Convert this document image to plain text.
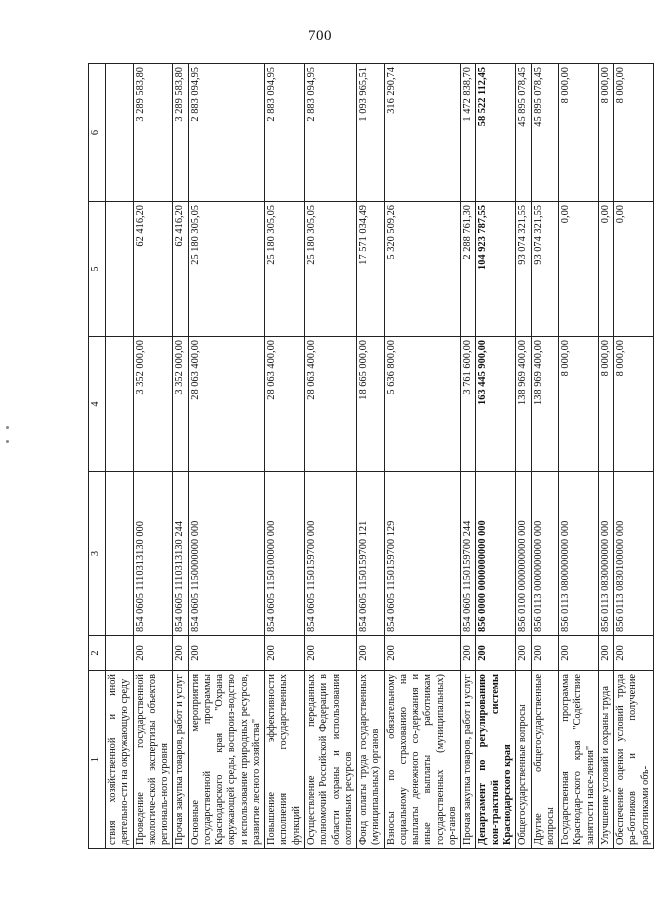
700
1	2	3	4	5	6
ствия хозяйственной и иной деятельно-сти на окружающую среду					
Проведение государственной экологиче-ской экспертизы объектов региональ-ного уровня	200	854 0605 1110313130 000	3 352 000,00	62 416,20	3 289 583,80
Прочая закупка товаров, работ и услуг	200	854 0605 1110313130 244	3 352 000,00	62 416,20	3 289 583,80
Основные мероприятия государственной программы Краснодарского края "Охрана окружающей среды, воспроиз-водство и использование природных ресурсов, развитие лесного хозяйства"	200	854 0605 1150000000 000	28 063 400,00	25 180 305,05	2 883 094,95
Повышение эффективности исполнения государственных функций	200	854 0605 1150100000 000	28 063 400,00	25 180 305,05	2 883 094,95
Осуществление переданных полномочий Российской Федерации в области охраны и использования охотничьих ресурсов	200	854 0605 1150159700 000	28 063 400,00	25 180 305,05	2 883 094,95
Фонд оплаты труда государственных (муниципальных) органов	200	854 0605 1150159700 121	18 665 000,00	17 571 034,49	1 093 965,51
Взносы по обязательному социальному страхованию на выплаты денежного со-держания и иные выплаты работникам государственных (муниципальных) ор-ганов	200	854 0605 1150159700 129	5 636 800,00	5 320 509,26	316 290,74
Прочая закупка товаров, работ и услуг	200	854 0605 1150159700 244	3 761 600,00	2 288 761,30	1 472 838,70
Департамент по регулированию кон-трактной системы Краснодарского края	200	856 0000 0000000000 000	163 445 900,00	104 923 787,55	58 522 112,45
Общегосударственные вопросы	200	856 0100 0000000000 000	138 969 400,00	93 074 321,55	45 895 078,45
Другие общегосударственные вопросы	200	856 0113 0000000000 000	138 969 400,00	93 074 321,55	45 895 078,45
Государственная программа Краснодар-ского края "Содействие занятости насе-ления"	200	856 0113 0800000000 000	8 000,00	0,00	8 000,00
Улучшение условий и охраны труда	200	856 0113 0830000000 000	8 000,00	0,00	8 000,00
Обеспечение оценки условий труда ра-ботников и получение работниками объ-	200	856 0113 0830100000 000	8 000,00	0,00	8 000,00
